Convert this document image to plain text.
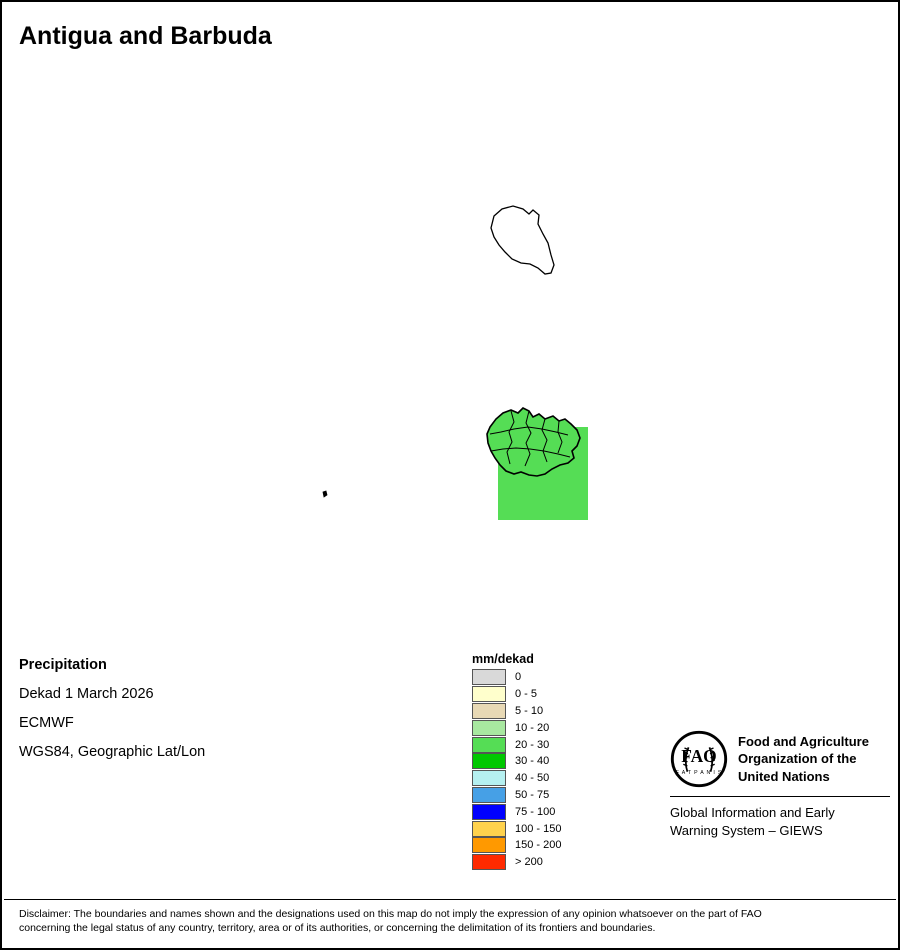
Antigua and Barbuda
mm/dekad
0
0 - 5
5 - 10
10 - 20
20 - 30
30 - 40
40 - 50
50 - 75
75 - 100
100 - 150
150 - 200
> 200
Precipitation
Dekad 1 March 2026
ECMWF
WGS84, Geographic Lat/Lon	FAO
F A T P A N I S
Food and Agriculture
Organization of the
United Nations
Global Information and Early
Warning System – GIEWS
Disclaimer: The boundaries and names shown and the designations used on this map do not imply the expression of any opinion whatsoever on the part of FAO
concerning the legal status of any country, territory, area or of its authorities, or concerning the delimitation of its frontiers and boundaries.
